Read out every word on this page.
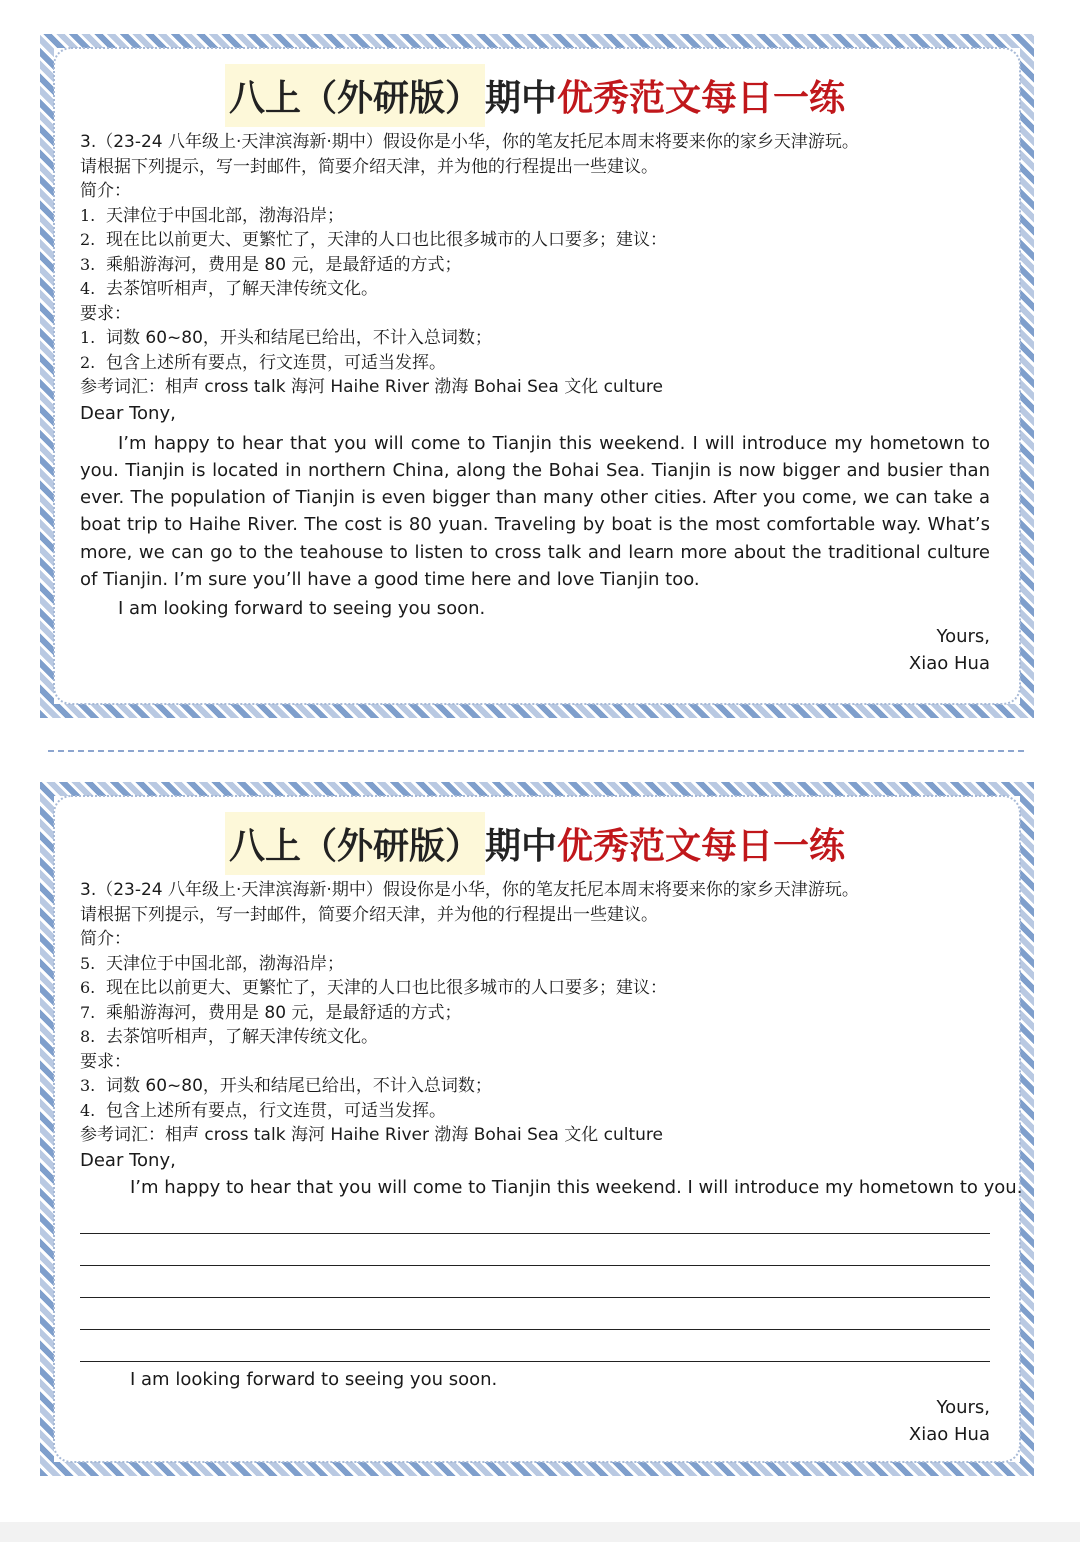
八上（外研版） 期中优秀范文每日一练
3.（23-24 八年级上·天津滨海新·期中）假设你是小华，你的笔友托尼本周末将要来你的家乡天津游玩。
请根据下列提示，写一封邮件，简要介绍天津，并为他的行程提出一些建议。
简介：
1. 天津位于中国北部，渤海沿岸；
2. 现在比以前更大、更繁忙了，天津的人口也比很多城市的人口要多；建议：
3. 乘船游海河，费用是 80 元，是最舒适的方式；
4. 去茶馆听相声，了解天津传统文化。
要求：
1. 词数 60~80，开头和结尾已给出，不计入总词数；
2. 包含上述所有要点，行文连贯，可适当发挥。
参考词汇：相声 cross talk 海河 Haihe River 渤海 Bohai Sea 文化 culture
Dear Tony,
I’m happy to hear that you will come to Tianjin this weekend. I will introduce my hometown to you. Tianjin is located in northern China, along the Bohai Sea. Tianjin is now bigger and busier than ever. The population of Tianjin is even bigger than many other cities. After you come, we can take a boat trip to Haihe River. The cost is 80 yuan. Traveling by boat is the most comfortable way. What’s more, we can go to the teahouse to listen to cross talk and learn more about the traditional culture of Tianjin. I’m sure you’ll have a good time here and love Tianjin too.
I am looking forward to seeing you soon.
Yours,
Xiao Hua
八上（外研版） 期中优秀范文每日一练
3.（23-24 八年级上·天津滨海新·期中）假设你是小华，你的笔友托尼本周末将要来你的家乡天津游玩。
请根据下列提示，写一封邮件，简要介绍天津，并为他的行程提出一些建议。
简介：
5. 天津位于中国北部，渤海沿岸；
6. 现在比以前更大、更繁忙了，天津的人口也比很多城市的人口要多；建议：
7. 乘船游海河，费用是 80 元，是最舒适的方式；
8. 去茶馆听相声，了解天津传统文化。
要求：
3. 词数 60~80，开头和结尾已给出，不计入总词数；
4. 包含上述所有要点，行文连贯，可适当发挥。
参考词汇：相声 cross talk 海河 Haihe River 渤海 Bohai Sea 文化 culture
Dear Tony,
I’m happy to hear that you will come to Tianjin this weekend. I will introduce my hometown to you.
I am looking forward to seeing you soon.
Yours,
Xiao Hua
